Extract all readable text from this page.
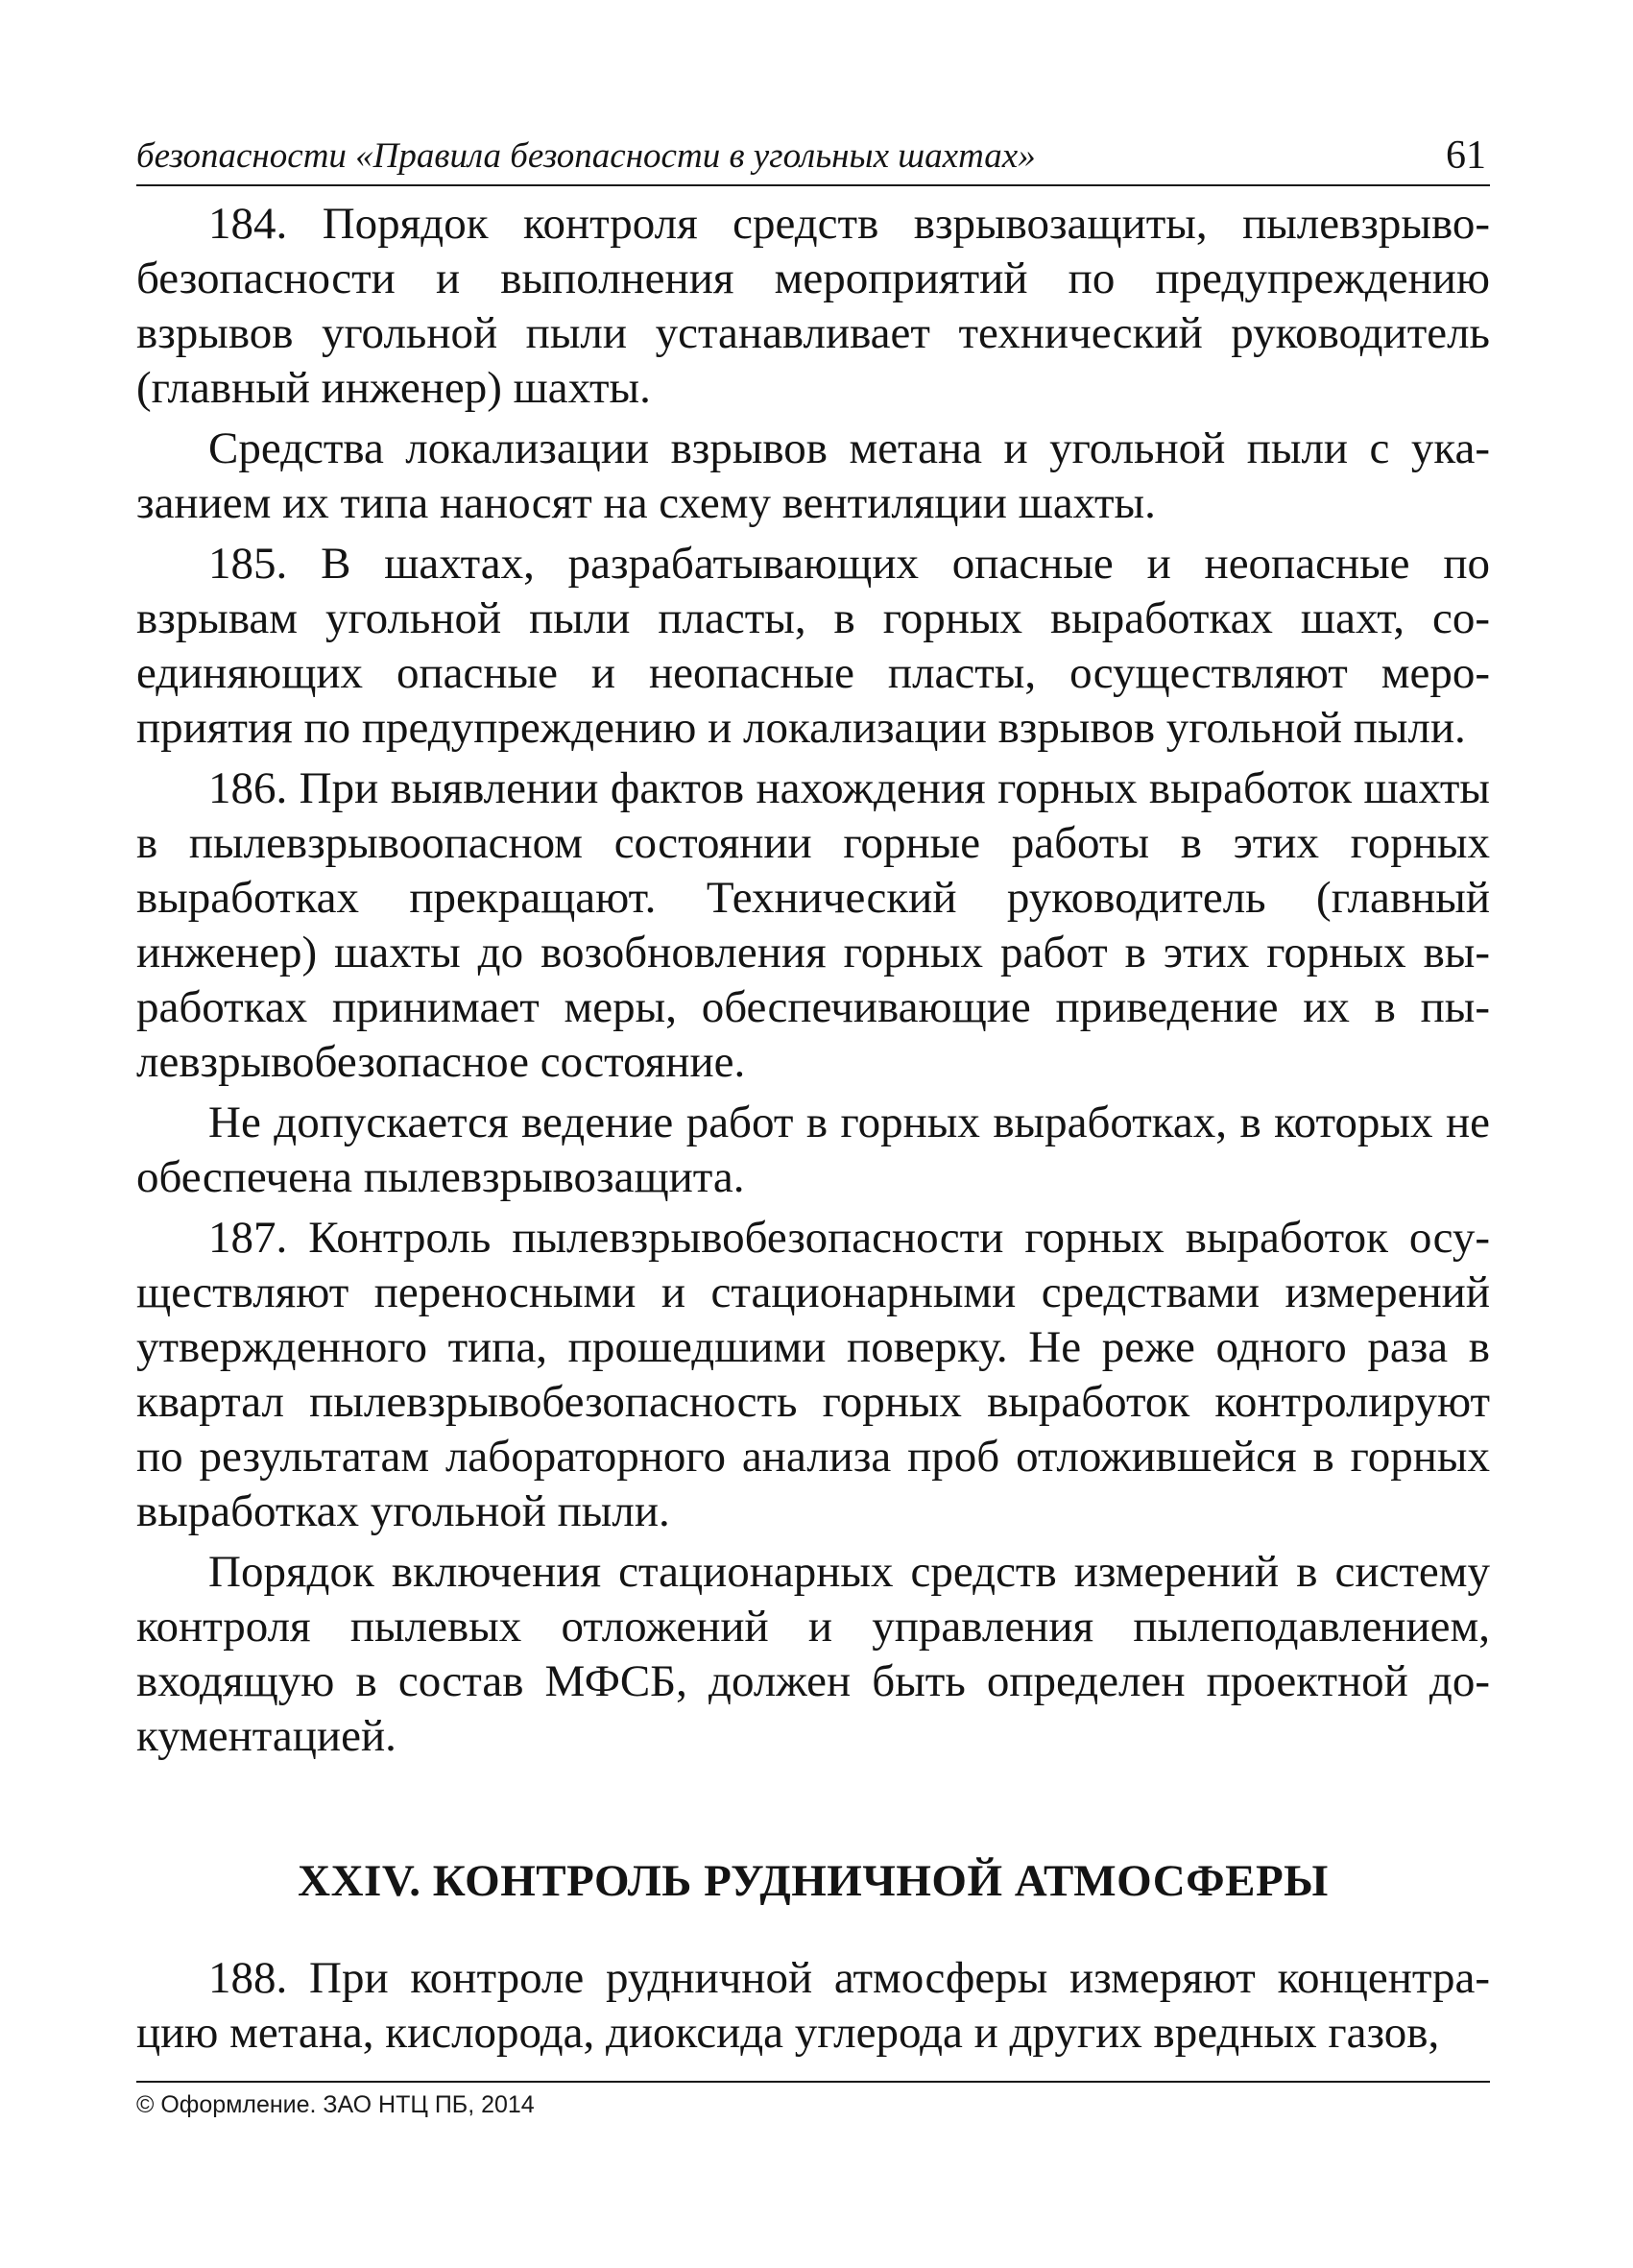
безопасности «Правила безопасности в угольных шахтах»	61

184. Порядок контроля средств взрывозащиты, пылевзрывобезопасности и выполнения мероприятий по предупреждению взрывов угольной пыли устанавливает технический руководитель (главный инженер) шахты.

Средства локализации взрывов метана и угольной пыли с указанием их типа наносят на схему вентиляции шахты.

185. В шахтах, разрабатывающих опасные и неопасные по взрывам угольной пыли пласты, в горных выработках шахт, соединяющих опасные и неопасные пласты, осуществляют мероприятия по предупреждению и локализации взрывов угольной пыли.

186. При выявлении фактов нахождения горных выработок шахты в пылевзрывоопасном состоянии горные работы в этих горных выработках прекращают. Технический руководитель (главный инженер) шахты до возобновления горных работ в этих горных выработках принимает меры, обеспечивающие приведение их в пылевзрывобезопасное состояние.

Не допускается ведение работ в горных выработках, в которых не обеспечена пылевзрывозащита.

187. Контроль пылевзрывобезопасности горных выработок осуществляют переносными и стационарными средствами измерений утвержденного типа, прошедшими поверку. Не реже одного раза в квартал пылевзрывобезопасность горных выработок контролируют по результатам лабораторного анализа проб отложившейся в горных выработках угольной пыли.

Порядок включения стационарных средств измерений в систему контроля пылевых отложений и управления пылеподавлением, входящую в состав МФСБ, должен быть определен проектной документацией.

XXIV. КОНТРОЛЬ РУДНИЧНОЙ АТМОСФЕРЫ

188. При контроле рудничной атмосферы измеряют концентрацию метана, кислорода, диоксида углерода и других вредных газов,

© Оформление. ЗАО НТЦ ПБ, 2014
